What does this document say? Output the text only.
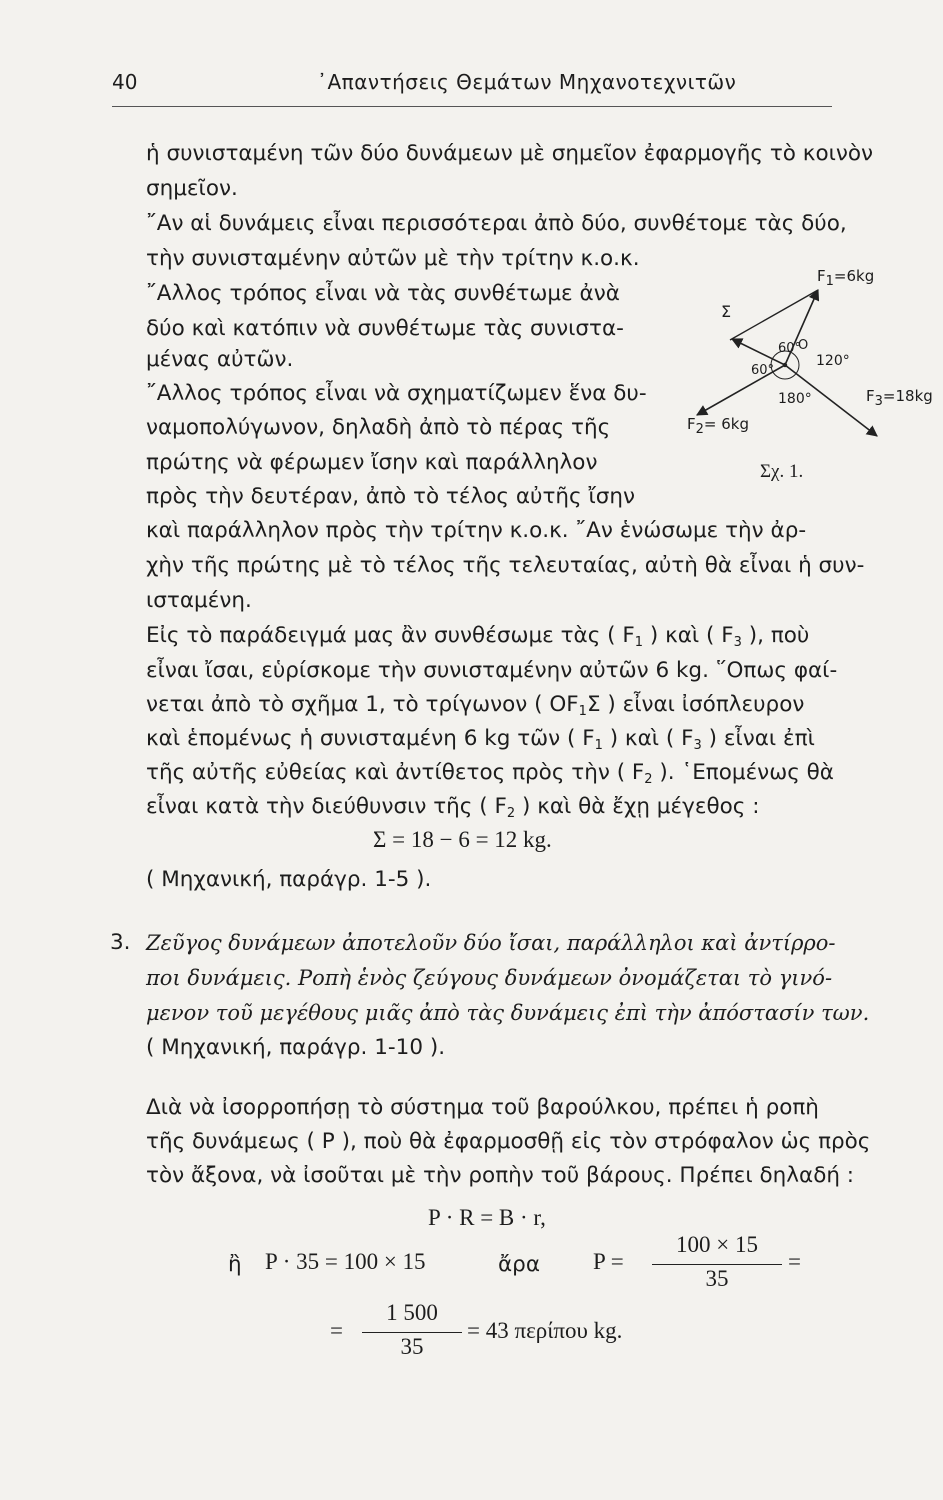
40	᾿Απαντήσεις Θεμάτων Μηχανοτεχνιτῶν
ἡ συνισταμένη τῶν δύο δυνάμεων μὲ σημεῖον ἐφαρμογῆς τὸ κοινὸν
σημεῖον.
῎Αν αἱ δυνάμεις εἶναι περισσότεραι ἀπὸ δύο, συνθέτομε τὰς δύο,
τὴν συνισταμένην αὐτῶν μὲ τὴν τρίτην κ.ο.κ.
῎Αλλος τρόπος εἶναι νὰ τὰς συνθέτωμε ἀνὰ
δύο καὶ κατόπιν νὰ συνθέτωμε τὰς συνιστα-
μένας αὐτῶν.
῎Αλλος τρόπος εἶναι νὰ σχηματίζωμεν ἕνα δυ-
ναμοπολύγωνον, δηλαδὴ ἀπὸ τὸ πέρας τῆς
πρώτης νὰ φέρωμεν ἴσην καὶ παράλληλον
πρὸς τὴν δευτέραν, ἀπὸ τὸ τέλος αὐτῆς ἴσην
καὶ παράλληλον πρὸς τὴν τρίτην κ.ο.κ. ῎Αν ἑνώσωμε τὴν ἀρ-
χὴν τῆς πρώτης μὲ τὸ τέλος τῆς τελευταίας, αὐτὴ θὰ εἶναι ἡ συν-
ισταμένη.
F1=6kg
Σ
O
60°
60°
120°
180°	F3=18kg
F2= 6kg
Σχ. 1.
Εἰς τὸ παράδειγμά μας ἂν συνθέσωμε τὰς ( $F_1$ ) καὶ ( $F_3$ ), ποὺ
εἶναι ἴσαι, εὑρίσκομε τὴν συνισταμένην αὐτῶν 6 kg. ῞Οπως φαί-
νεται ἀπὸ τὸ σχῆμα 1, τὸ τρίγωνον ( $OF_1\Sigma$ ) εἶναι ἰσόπλευρον
καὶ ἑπομένως ἡ συνισταμένη 6 kg τῶν ( $F_1$ ) καὶ ( $F_3$ ) εἶναι ἐπὶ
τῆς αὐτῆς εὐθείας καὶ ἀντίθετος πρὸς τὴν ( $F_2$ ). ῾Επομένως θὰ
εἶναι κατὰ τὴν διεύθυνσιν τῆς ( $F_2$ ) καὶ θὰ ἔχῃ μέγεθος :
Σ = 18 − 6 = 12 kg.
( Μηχανική, παράγρ. 1-5 ).
3. Ζεῦγος δυνάμεων ἀποτελοῦν δύο ἴσαι, παράλληλοι καὶ ἀντίρρο-
ποι δυνάμεις. Ροπὴ ἑνὸς ζεύγους δυνάμεων ὀνομάζεται τὸ γινό-
μενον τοῦ μεγέθους μιᾶς ἀπὸ τὰς δυνάμεις ἐπὶ τὴν ἀπόστασίν των.
( Μηχανική, παράγρ. 1-10 ).
Διὰ νὰ ἰσορροπήσῃ τὸ σύστημα τοῦ βαρούλκου, πρέπει ἡ ροπὴ
τῆς δυνάμεως ( P ), ποὺ θὰ ἐφαρμοσθῇ εἰς τὸν στρόφαλον ὡς πρὸς
τὸν ἄξονα, νὰ ἰσοῦται μὲ τὴν ροπὴν τοῦ βάρους. Πρέπει δηλαδή :
P · R = B · r,
ἢ P · 35 = 100 × 15	ἄρα P =
100 × 15
35
=
=
1 500
35
= 43 περίπου kg.
